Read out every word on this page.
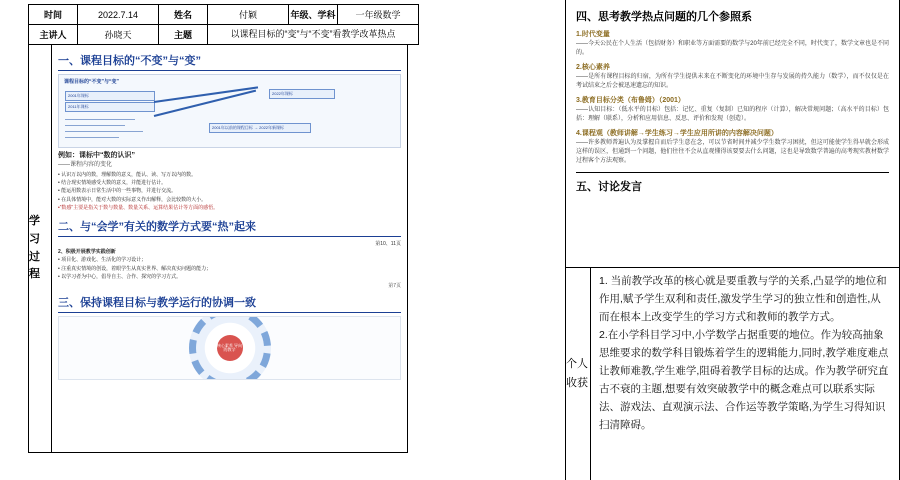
时间	2022.7.14	姓名	付颖	年级、学科	一年级数学
主讲人	孙晓天	主题	以课程目标的“变”与“不变”看教学改革热点		
学习过程
一、课程目标的“不变”与“变”
课程目标的“不变”与“变”
2001年课标
2011年课标
2022年课标
2001年以前的课程目标 → 2022年新课标
例如：课标中“数的认识”
——课程内容的变化

• 认识万以内的数，理解数的意义，能认、读、写万以内的数。

• 结合现实情境感受大数的意义，并能进行估计。

• 能运用数表示日常生活中的一些事物，并进行交流。

• 在具体情境中，能对大数的实际意义作出解释，会比较数的大小。

•“数感”主要是指关于数与数量、数量关系、运算结果估计等方面的感悟。

二、与“会学”有关的数学方式要“热”起来
第10、11页
2、积极开展教学实践创新

• 项目化、游戏化、生活化的学习设计；

• 注重真实情境的创设，着眼学生从真实世界、解决真实问题的能力；

• 以学习者为中心，倡导自主、合作、探究的学习方式。

第7页
三、保持课程目标与教学运行的协调一致
核心素养 导向的教学
四、思考教学热点问题的几个参照系
1.时代变量
——今天公民在个人生活（包括财务）和职业等方面需要的数学与20年前已经完全不同，时代变了，数学文章也是不同的。
2.核心素养
——是所有课程目标的归宿，为所有学生提供未来在不断变化的环境中生存与发展的持久能力（数学），而不仅仅是在考试结束之后会被迅速遗忘的知识。
3.教育目标分类（布鲁姆）（2001）
——认知目标：（低水平的目标）包括：记忆、重复（复制）已知的程序（计算），解决常规问题；（高水平的目标）包括：理解（联系），分析和应用信息、反思、评价和发现（创造）。
4.课程观（教师讲解→学生练习→学生应用所讲的内容解决问题）
——许多教师普遍认为及掌握自而后学生意在念，可以节省时间并减少学生数学习困扰，但这可能使学生得早就会形成这样的误区，但通到一个问题，他们往往不会从直观懂得该要要去什么问题，这也是导致数学普遍的高考现实教材数学过程客个方法观察。
五、讨论发言
个人收获

1. 当前教学改革的核心就是要重教与学的关系,凸显学的地位和作用,赋予学生双利和责任,激发学生学习的独立性和创造性,从而在根本上改变学生的学习方式和教师的教学方式。

2.在小学科目学习中,小学数学占据重要的地位。作为较高抽象思维要求的数学科目锻炼着学生的逻辑能力,同时,教学难度难点让教师难教,学生难学,阻碍着教学目标的达成。作为教学研究直古不衰的主题,想要有效突破教学中的概念难点可以联系实际法、游戏法、直观演示法、合作运等教学策略,为学生习得知识扫清障碍。
